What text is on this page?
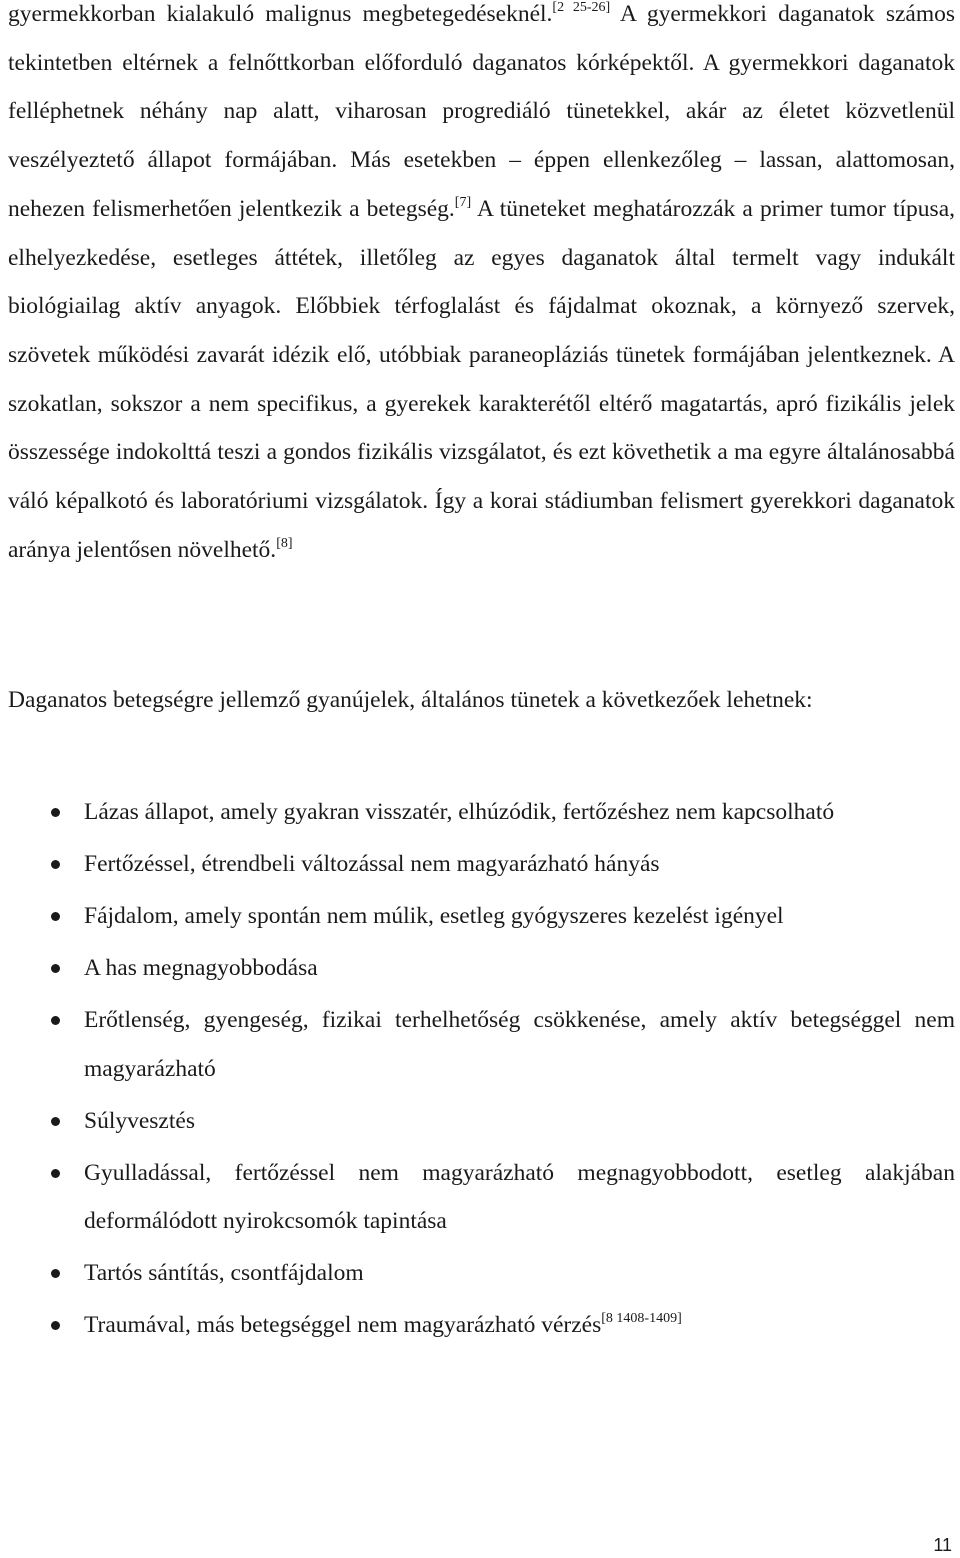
gyermekkorban kialakuló malignus megbetegedéseknél.[2 25-26] A gyermekkori daganatok számos tekintetben eltérnek a felnőttkorban előforduló daganatos kórképektől. A gyermekkori daganatok felléphetnek néhány nap alatt, viharosan progrediáló tünetekkel, akár az életet közvetlenül veszélyeztető állapot formájában. Más esetekben – éppen ellenkezőleg – lassan, alattomosan, nehezen felismerhetően jelentkezik a betegség.[7] A tüneteket meghatározzák a primer tumor típusa, elhelyezkedése, esetleges áttétek, illetőleg az egyes daganatok által termelt vagy indukált biológiailag aktív anyagok. Előbbiek térfoglalást és fájdalmat okoznak, a környező szervek, szövetek működési zavarát idézik elő, utóbbiak paraneopláziás tünetek formájában jelentkeznek. A szokatlan, sokszor a nem specifikus, a gyerekek karakterétől eltérő magatartás, apró fizikális jelek összessége indokolttá teszi a gondos fizikális vizsgálatot, és ezt követhetik a ma egyre általánosabbá váló képalkotó és laboratóriumi vizsgálatok. Így a korai stádiumban felismert gyerekkori daganatok aránya jelentősen növelhető.[8]

Daganatos betegségre jellemző gyanújelek, általános tünetek a következőek lehetnek:

Lázas állapot, amely gyakran visszatér, elhúzódik, fertőzéshez nem kapcsolható
Fertőzéssel, étrendbeli változással nem magyarázható hányás
Fájdalom, amely spontán nem múlik, esetleg gyógyszeres kezelést igényel
A has megnagyobbodása
Erőtlenség, gyengeség, fizikai terhelhetőség csökkenése, amely aktív betegséggel nem magyarázható
Súlyvesztés
Gyulladással, fertőzéssel nem magyarázható megnagyobbodott, esetleg alakjában deformálódott nyirokcsomók tapintása
Tartós sántítás, csontfájdalom
Traumával, más betegséggel nem magyarázható vérzés[8 1408-1409]
11
